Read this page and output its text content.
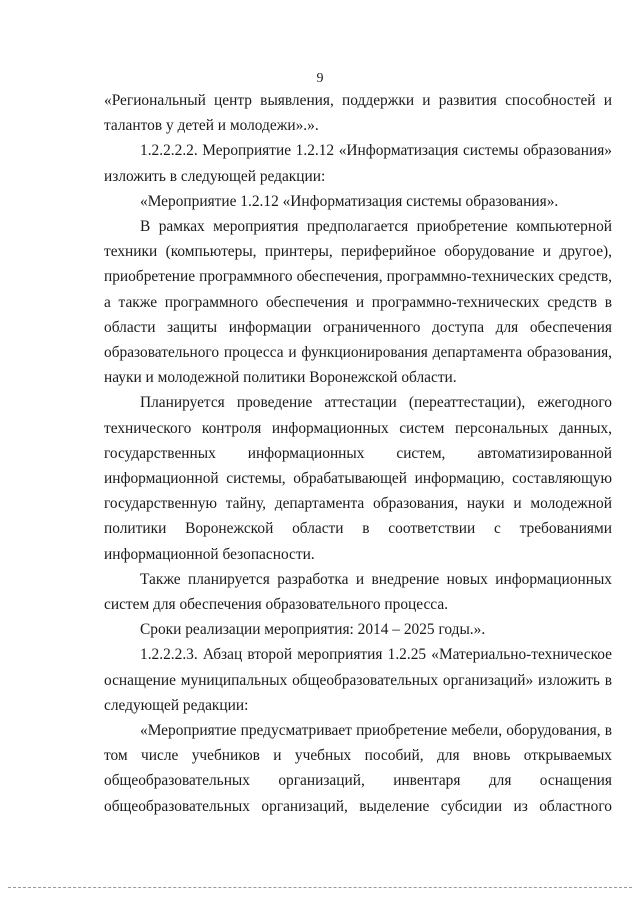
9

«Региональный центр выявления, поддержки и развития способностей и талантов у детей и молодежи».».

1.2.2.2.2. Мероприятие 1.2.12 «Информатизация системы образования» изложить в следующей редакции:

«Мероприятие 1.2.12 «Информатизация системы образования».

В рамках мероприятия предполагается приобретение компьютерной техники (компьютеры, принтеры, периферийное оборудование и другое), приобретение программного обеспечения, программно-технических средств, а также программного обеспечения и программно-технических средств в области защиты информации ограниченного доступа для обеспечения образовательного процесса и функционирования департамента образования, науки и молодежной политики Воронежской области.

Планируется проведение аттестации (переаттестации), ежегодного технического контроля информационных систем персональных данных, государственных информационных систем, автоматизированной информационной системы, обрабатывающей информацию, составляющую государственную тайну, департамента образования, науки и молодежной политики Воронежской области в соответствии с требованиями информационной безопасности.

Также планируется разработка и внедрение новых информационных систем для обеспечения образовательного процесса.

Сроки реализации мероприятия: 2014 – 2025 годы.».

1.2.2.2.3. Абзац второй мероприятия 1.2.25 «Материально-техническое оснащение муниципальных общеобразовательных организаций» изложить в следующей редакции:

«Мероприятие предусматривает приобретение мебели, оборудования, в том числе учебников и учебных пособий, для вновь открываемых общеобразовательных организаций, инвентаря для оснащения общеобразовательных организаций, выделение субсидии из областного
